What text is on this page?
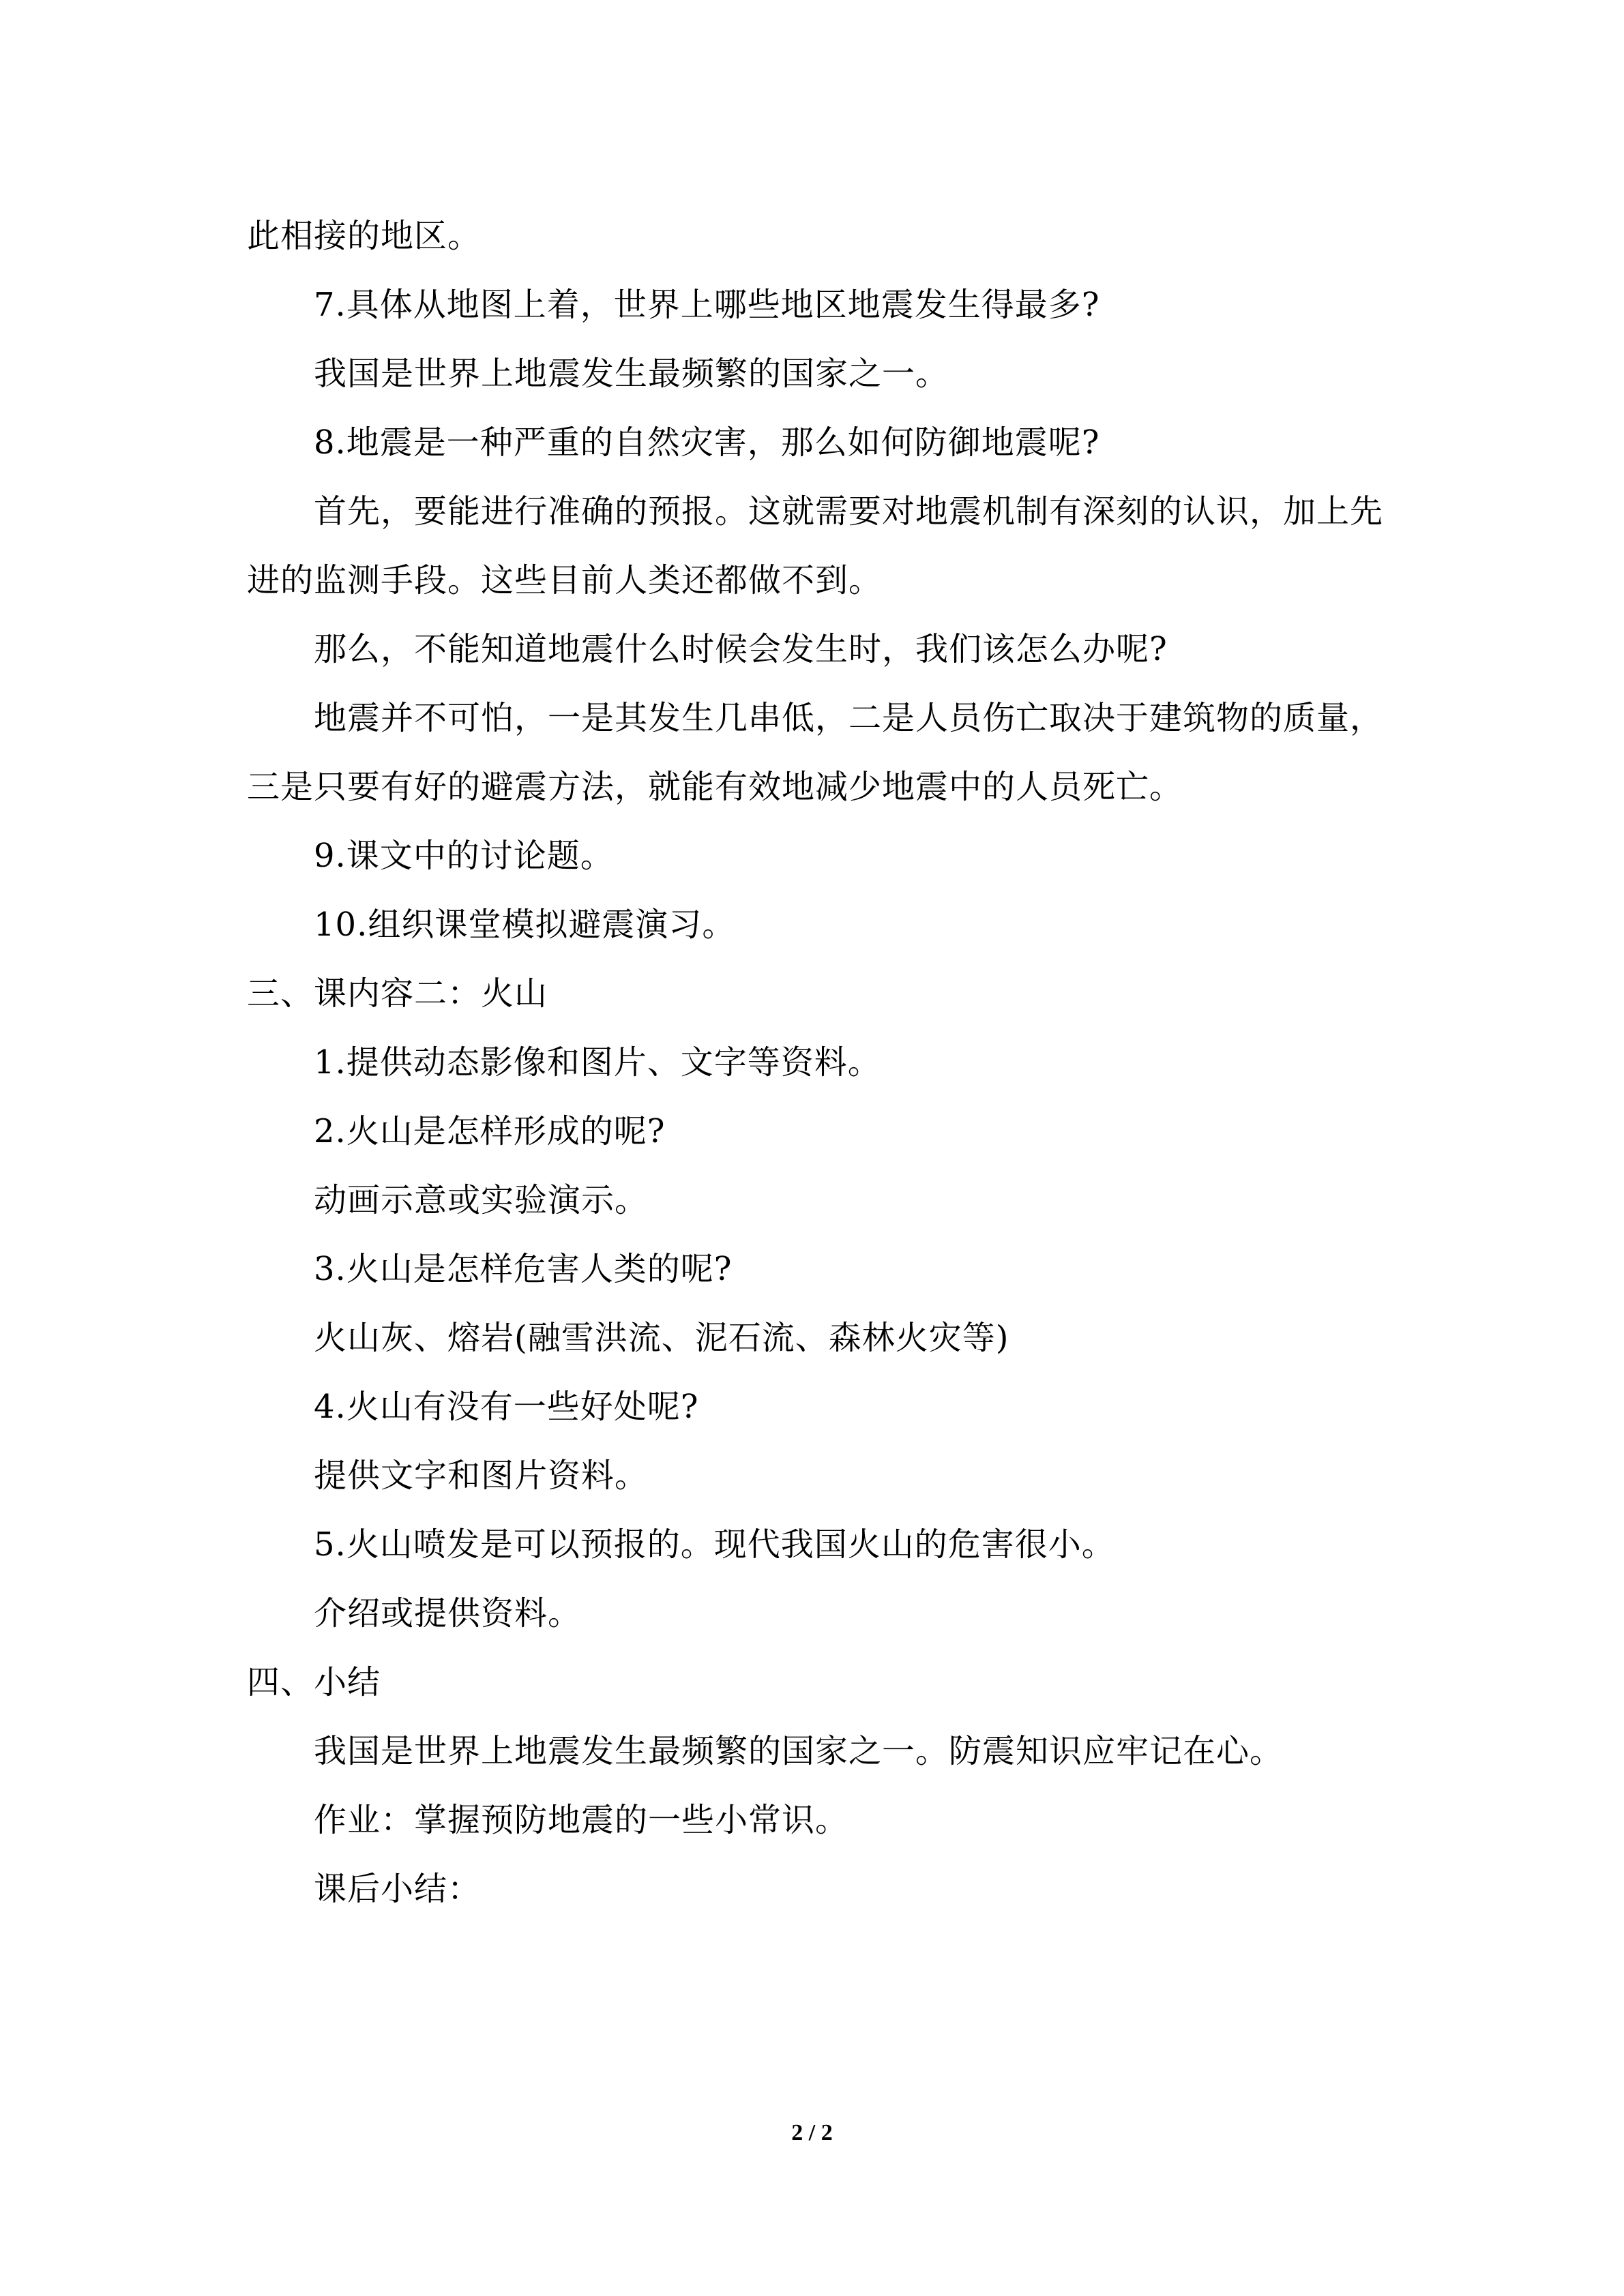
此相接的地区。
7.具体从地图上着，世界上哪些地区地震发生得最多?
我国是世界上地震发生最频繁的国家之一。
8.地震是一种严重的自然灾害，那么如何防御地震呢?
首先，要能进行准确的预报。这就需要对地震机制有深刻的认识，加上先
进的监测手段。这些目前人类还都做不到。
那么，不能知道地震什么时候会发生时，我们该怎么办呢?
地震并不可怕，一是其发生几串低，二是人员伤亡取决于建筑物的质量，
三是只要有好的避震方法，就能有效地减少地震中的人员死亡。
9.课文中的讨论题。
10.组织课堂模拟避震演习。
三、课内容二：火山
1.提供动态影像和图片、文字等资料。
2.火山是怎样形成的呢?
动画示意或实验演示。
3.火山是怎样危害人类的呢?
火山灰、熔岩(融雪洪流、泥石流、森林火灾等)
4.火山有没有一些好处呢?
提供文字和图片资料。
5.火山喷发是可以预报的。现代我国火山的危害很小。
介绍或提供资料。
四、小结
我国是世界上地震发生最频繁的国家之一。防震知识应牢记在心。
作业：掌握预防地震的一些小常识。
课后小结：
2 / 2
